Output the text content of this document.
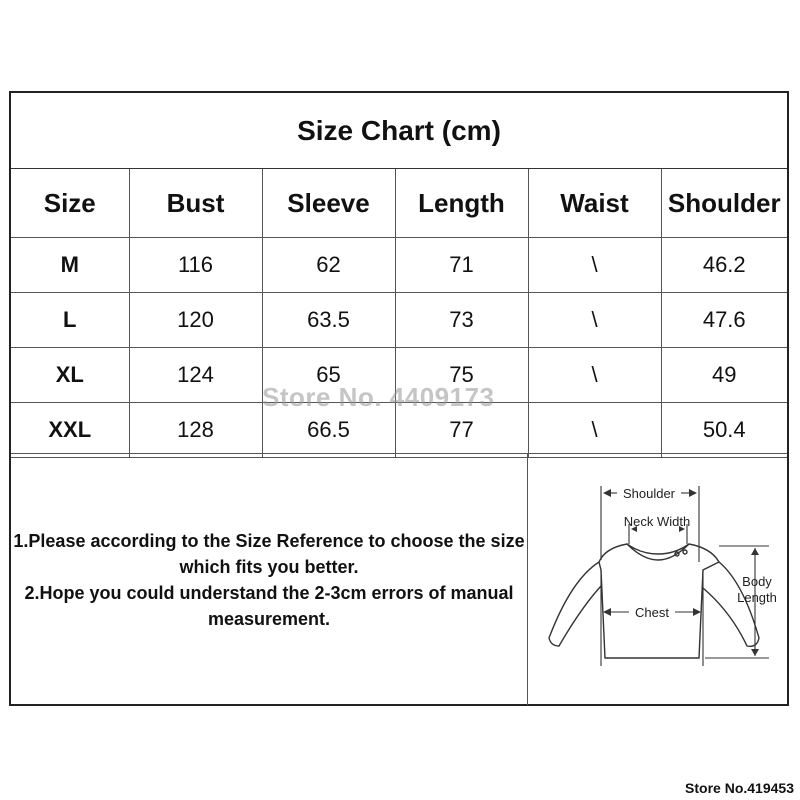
Size Chart (cm)
Size	Bust	Sleeve	Length	Waist	Shoulder
M	116	62	71	\	46.2
L	120	63.5	73	\	47.6
XL	124	65	75	\	49
XXL	128	66.5	77	\	50.4

1.Please according to the Size Reference to choose the size which fits you better.

2.Hope you could understand the 2-3cm errors of manual measurement.

Shoulder
Neck Width
Chest
Body
Length
Store No. 4409173
Store No.419453
